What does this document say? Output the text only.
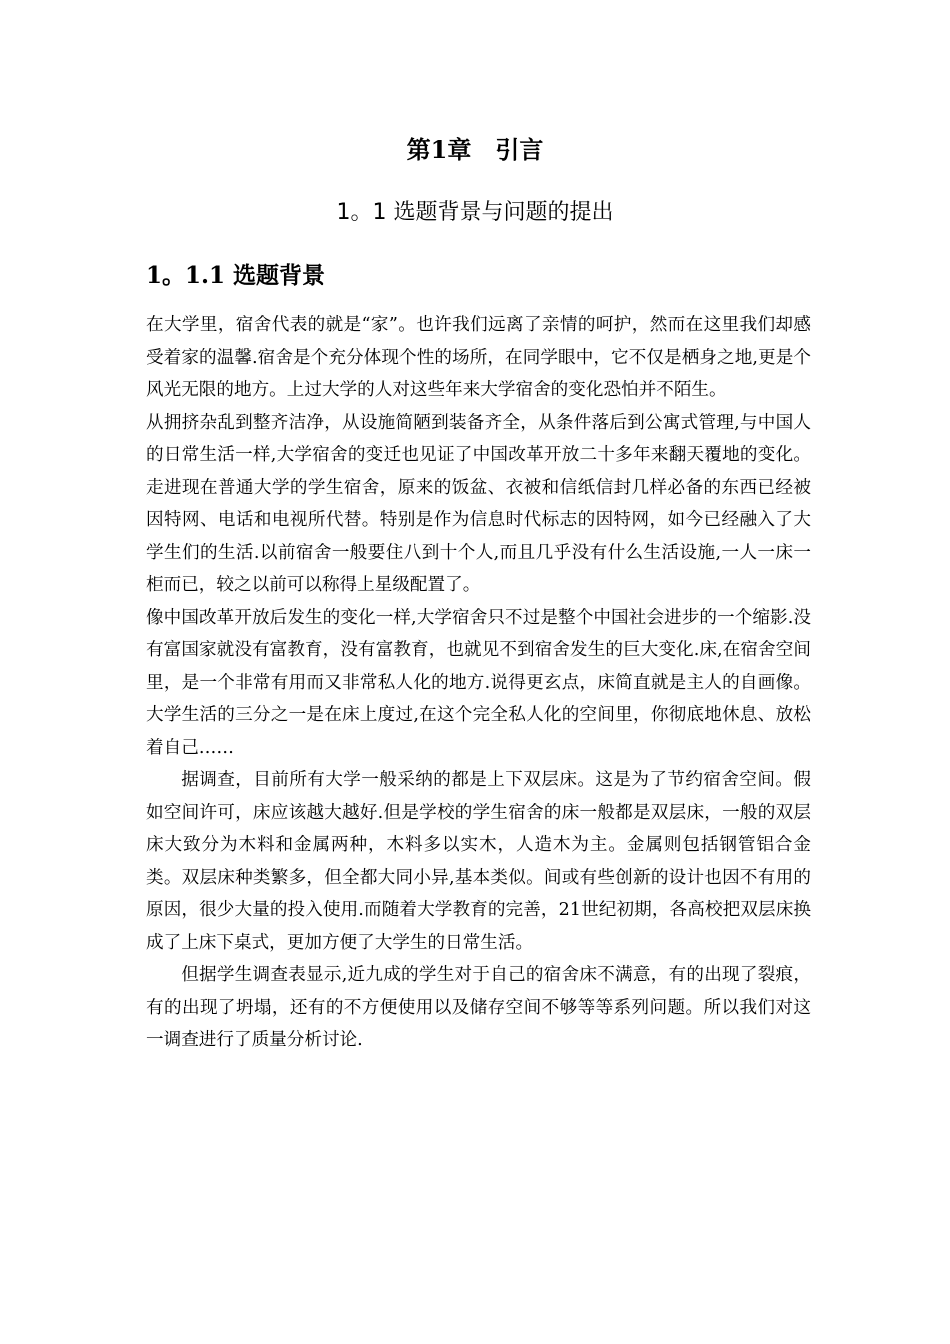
第1章　引言
1。1 选题背景与问题的提出
1。1.1 选题背景

在大学里，宿舍代表的就是“家”。也许我们远离了亲情的呵护，然而在这里我们却感受着家的温馨.宿舍是个充分体现个性的场所，在同学眼中，它不仅是栖身之地,更是个风光无限的地方。上过大学的人对这些年来大学宿舍的变化恐怕并不陌生。

从拥挤杂乱到整齐洁净，从设施简陋到装备齐全，从条件落后到公寓式管理,与中国人的日常生活一样,大学宿舍的变迁也见证了中国改革开放二十多年来翻天覆地的变化。走进现在普通大学的学生宿舍，原来的饭盆、衣被和信纸信封几样必备的东西已经被因特网、电话和电视所代替。特别是作为信息时代标志的因特网，如今已经融入了大学生们的生活.以前宿舍一般要住八到十个人,而且几乎没有什么生活设施,一人一床一柜而已，较之以前可以称得上星级配置了。

像中国改革开放后发生的变化一样,大学宿舍只不过是整个中国社会进步的一个缩影.没有富国家就没有富教育，没有富教育，也就见不到宿舍发生的巨大变化.床,在宿舍空间里，是一个非常有用而又非常私人化的地方.说得更玄点，床简直就是主人的自画像。大学生活的三分之一是在床上度过,在这个完全私人化的空间里，你彻底地休息、放松着自己……

据调查，目前所有大学一般采纳的都是上下双层床。这是为了节约宿舍空间。假如空间许可，床应该越大越好.但是学校的学生宿舍的床一般都是双层床，一般的双层床大致分为木料和金属两种，木料多以实木，人造木为主。金属则包括钢管铝合金类。双层床种类繁多，但全都大同小异,基本类似。间或有些创新的设计也因不有用的原因，很少大量的投入使用.而随着大学教育的完善，21世纪初期，各高校把双层床换成了上床下桌式，更加方便了大学生的日常生活。

但据学生调查表显示,近九成的学生对于自己的宿舍床不满意，有的出现了裂痕，有的出现了坍塌，还有的不方便使用以及储存空间不够等等系列问题。所以我们对这一调查进行了质量分析讨论.
